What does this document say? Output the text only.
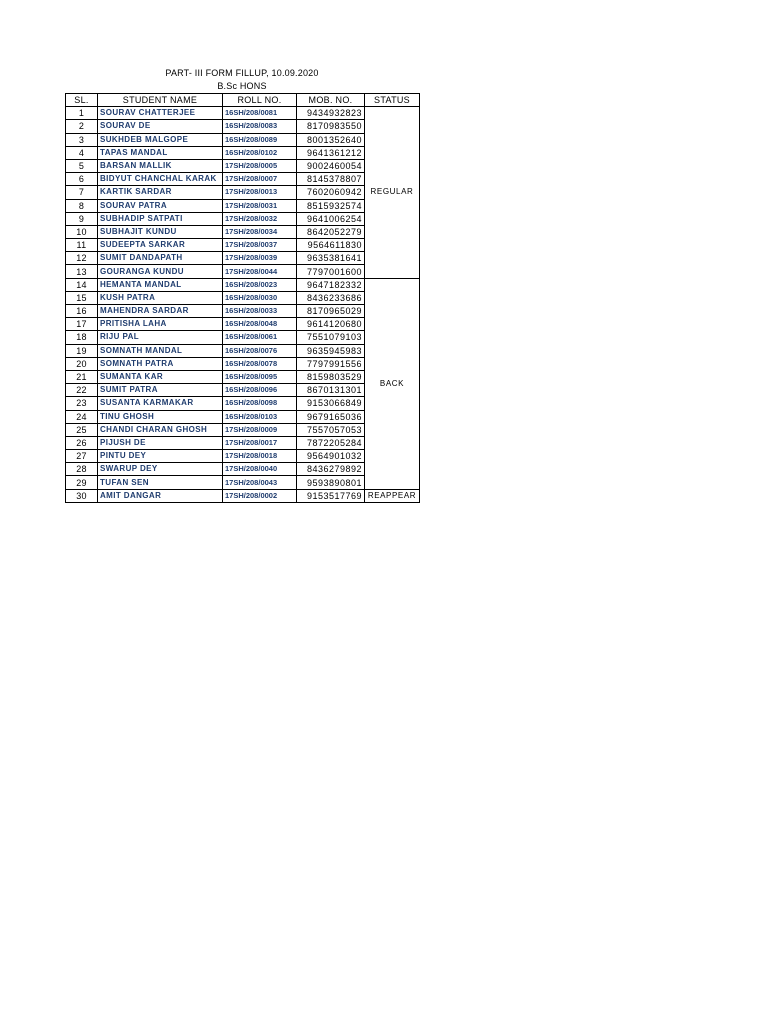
PART- III FORM FILLUP, 10.09.2020
B.Sc HONS
SL.	STUDENT NAME	ROLL NO.	MOB. NO.	STATUS
1	SOURAV CHATTERJEE	16SH/208/0081	9434932823	REGULAR
2	SOURAV DE	16SH/208/0083	8170983550	
3	SUKHDEB MALGOPE	16SH/208/0089	8001352640	
4	TAPAS MANDAL	16SH/208/0102	9641361212	
5	BARSAN MALLIK	17SH/208/0005	9002460054	
6	BIDYUT CHANCHAL KARAK	17SH/208/0007	8145378807	
7	KARTIK SARDAR	17SH/208/0013	7602060942	
8	SOURAV PATRA	17SH/208/0031	8515932574	
9	SUBHADIP SATPATI	17SH/208/0032	9641006254	
10	SUBHAJIT KUNDU	17SH/208/0034	8642052279	
11	SUDEEPTA SARKAR	17SH/208/0037	9564611830	
12	SUMIT DANDAPATH	17SH/208/0039	9635381641	
13	GOURANGA KUNDU	17SH/208/0044	7797001600	
14	HEMANTA MANDAL	16SH/208/0023	9647182332	BACK
15	KUSH PATRA	16SH/208/0030	8436233686	
16	MAHENDRA SARDAR	16SH/208/0033	8170965029	
17	PRITISHA LAHA	16SH/208/0048	9614120680	
18	RIJU PAL	16SH/208/0061	7551079103	
19	SOMNATH MANDAL	16SH/208/0076	9635945983	
20	SOMNATH PATRA	16SH/208/0078	7797991556	
21	SUMANTA KAR	16SH/208/0095	8159803529	
22	SUMIT PATRA	16SH/208/0096	8670131301	
23	SUSANTA KARMAKAR	16SH/208/0098	9153066849	
24	TINU GHOSH	16SH/208/0103	9679165036	
25	CHANDI CHARAN GHOSH	17SH/208/0009	7557057053	
26	PIJUSH DE	17SH/208/0017	7872205284	
27	PINTU DEY	17SH/208/0018	9564901032	
28	SWARUP DEY	17SH/208/0040	8436279892	
29	TUFAN SEN	17SH/208/0043	9593890801	
30	AMIT DANGAR	17SH/208/0002	9153517769	REAPPEAR
